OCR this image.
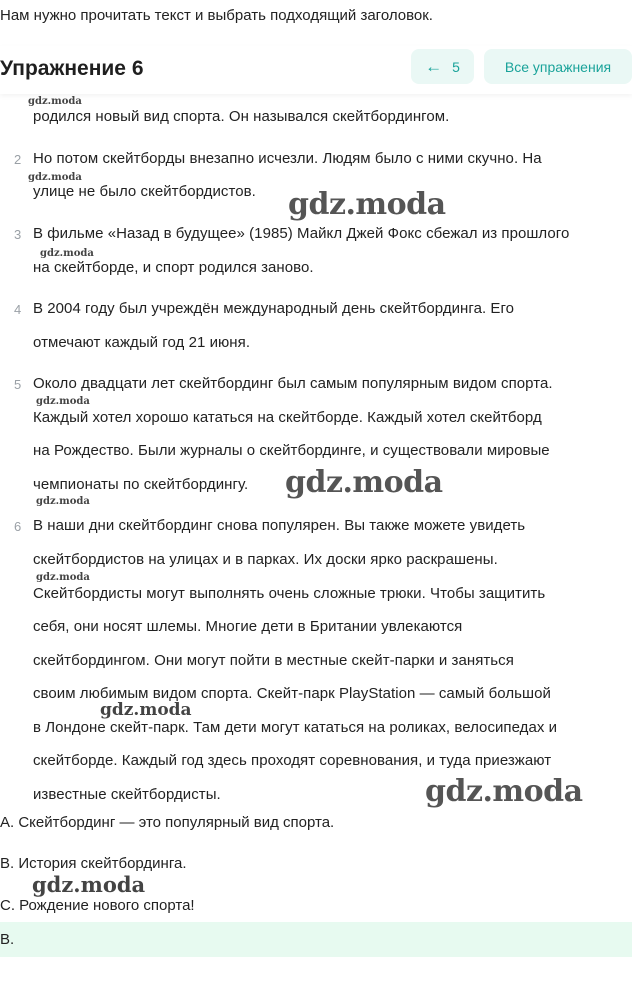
Нам нужно прочитать текст и выбрать подходящий заголовок.
Упражнение 6	← 5	Все упражнения
родился новый вид спорта. Он назывался скейтбордингом.
2 Но потом скейтборды внезапно исчезли. Людям было с ними скучно. На
улице не было скейтбордистов.
3 В фильме «Назад в будущее» (1985) Майкл Джей Фокс сбежал из прошлого
на скейтборде, и спорт родился заново.
4 В 2004 году был учреждён международный день скейтбординга. Его
отмечают каждый год 21 июня.
5 Около двадцати лет скейтбординг был самым популярным видом спорта.
Каждый хотел хорошо кататься на скейтборде. Каждый хотел скейтборд
на Рождество. Были журналы о скейтбординге, и существовали мировые
чемпионаты по скейтбордингу.
6 В наши дни скейтбординг снова популярен. Вы также можете увидеть
скейтбордистов на улицах и в парках. Их доски ярко раскрашены.
Скейтбордисты могут выполнять очень сложные трюки. Чтобы защитить
себя, они носят шлемы. Многие дети в Британии увлекаются
скейтбордингом. Они могут пойти в местные скейт-парки и заняться
своим любимым видом спорта. Скейт-парк PlayStation — самый большой
в Лондоне скейт-парк. Там дети могут кататься на роликах, велосипедах и
скейтборде. Каждый год здесь проходят соревнования, и туда приезжают
известные скейтбордисты.
A. Скейтбординг — это популярный вид спорта.
B. История скейтбординга.
C. Рождение нового спорта!
B.
gdz.moda
gdz.moda
gdz.moda
gdz.moda
gdz.moda
gdz.moda
gdz.moda
gdz.moda
gdz.moda
gdz.moda
gdz.moda
